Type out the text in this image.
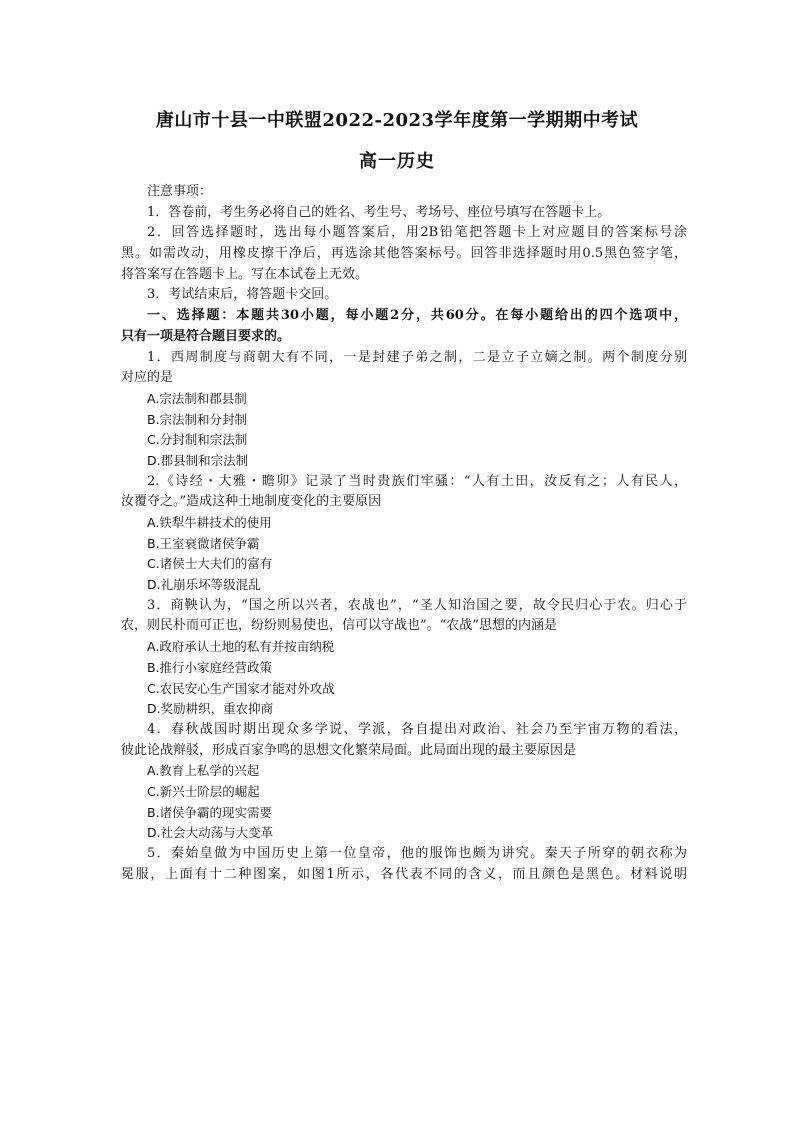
唐山市十县一中联盟2022-2023学年度第一学期期中考试
高一历史
注意事项：
1．答卷前，考生务必将自己的姓名、考生号、考场号、座位号填写在答题卡上。
2．回答选择题时，选出每小题答案后，用2B铅笔把答题卡上对应题目的答案标号涂
黑。如需改动，用橡皮擦干净后，再选涂其他答案标号。回答非选择题时用0.5黑色签字笔，
将答案写在答题卡上。写在本试卷上无效。
3．考试结束后，将答题卡交回。
一、选择题：本题共30小题，每小题2分，共60分。在每小题给出的四个选项中，
只有一项是符合题目要求的。
1．西周制度与商朝大有不同，一是封建子弟之制，二是立子立嫡之制。两个制度分别
对应的是
A.宗法制和郡县制
B.宗法制和分封制
C.分封制和宗法制
D.郡县制和宗法制
2.《诗经・大雅・瞻卯》记录了当时贵族们牢骚：“人有土田，汝反有之；人有民人，
汝覆夺之。”造成这种土地制度变化的主要原因
A.铁犁牛耕技术的使用
B.王室衰微诸侯争霸
C.诸侯士大夫们的富有
D.礼崩乐坏等级混乱
3．商鞅认为，“国之所以兴者，农战也”，“圣人知治国之要，故令民归心于农。归心于
农，则民朴而可正也，纷纷则易使也，信可以守战也”。“农战”思想的内涵是
A.政府承认土地的私有并按亩纳税
B.推行小家庭经营政策
C.农民安心生产国家才能对外攻战
D.奖励耕织，重农抑商
4．春秋战国时期出现众多学说、学派，各自提出对政治、社会乃至宇宙万物的看法，
彼此论战辩驳，形成百家争鸣的思想文化繁荣局面。此局面出现的最主要原因是
A.教育上私学的兴起
C.新兴士阶层的崛起
B.诸侯争霸的现实需要
D.社会大动荡与大变革
5．秦始皇做为中国历史上第一位皇帝，他的服饰也颇为讲究。秦天子所穿的朝衣称为
冕服，上面有十二种图案，如图1所示，各代表不同的含义，而且颜色是黑色。材料说明
